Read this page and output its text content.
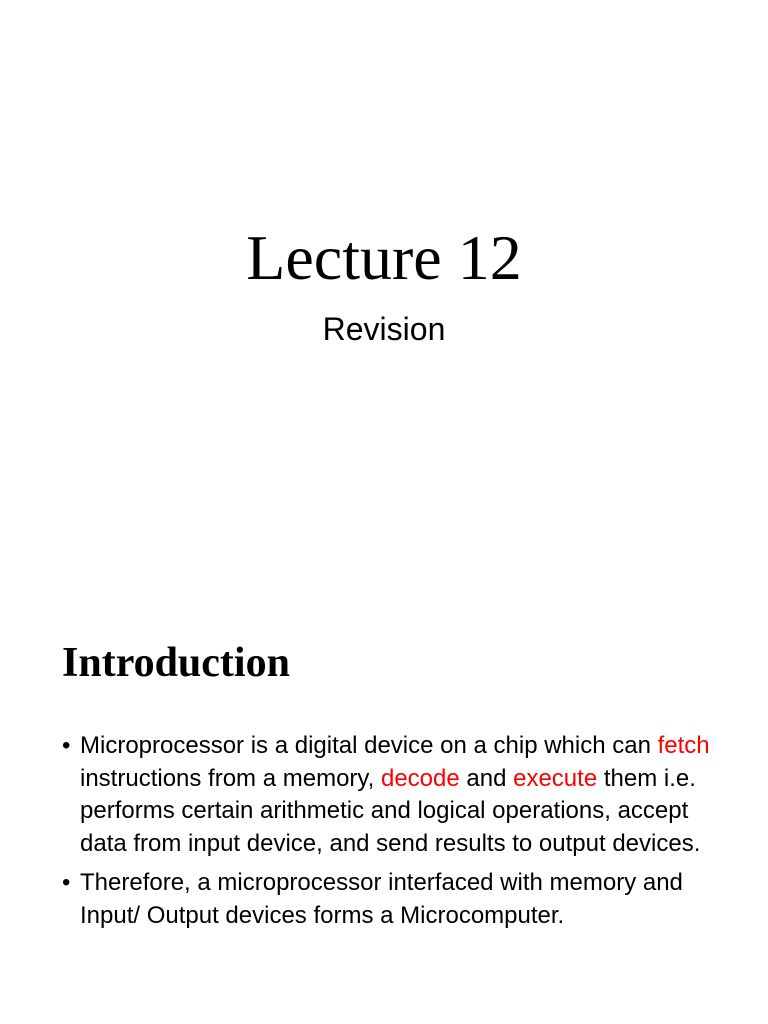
Lecture 12
Revision
Introduction
• Microprocessor is a digital device on a chip which can fetch instructions from a memory, decode and execute them i.e. performs certain arithmetic and logical operations, accept data from input device, and send results to output devices.
• Therefore, a microprocessor interfaced with memory and Input/ Output devices forms a Microcomputer.
